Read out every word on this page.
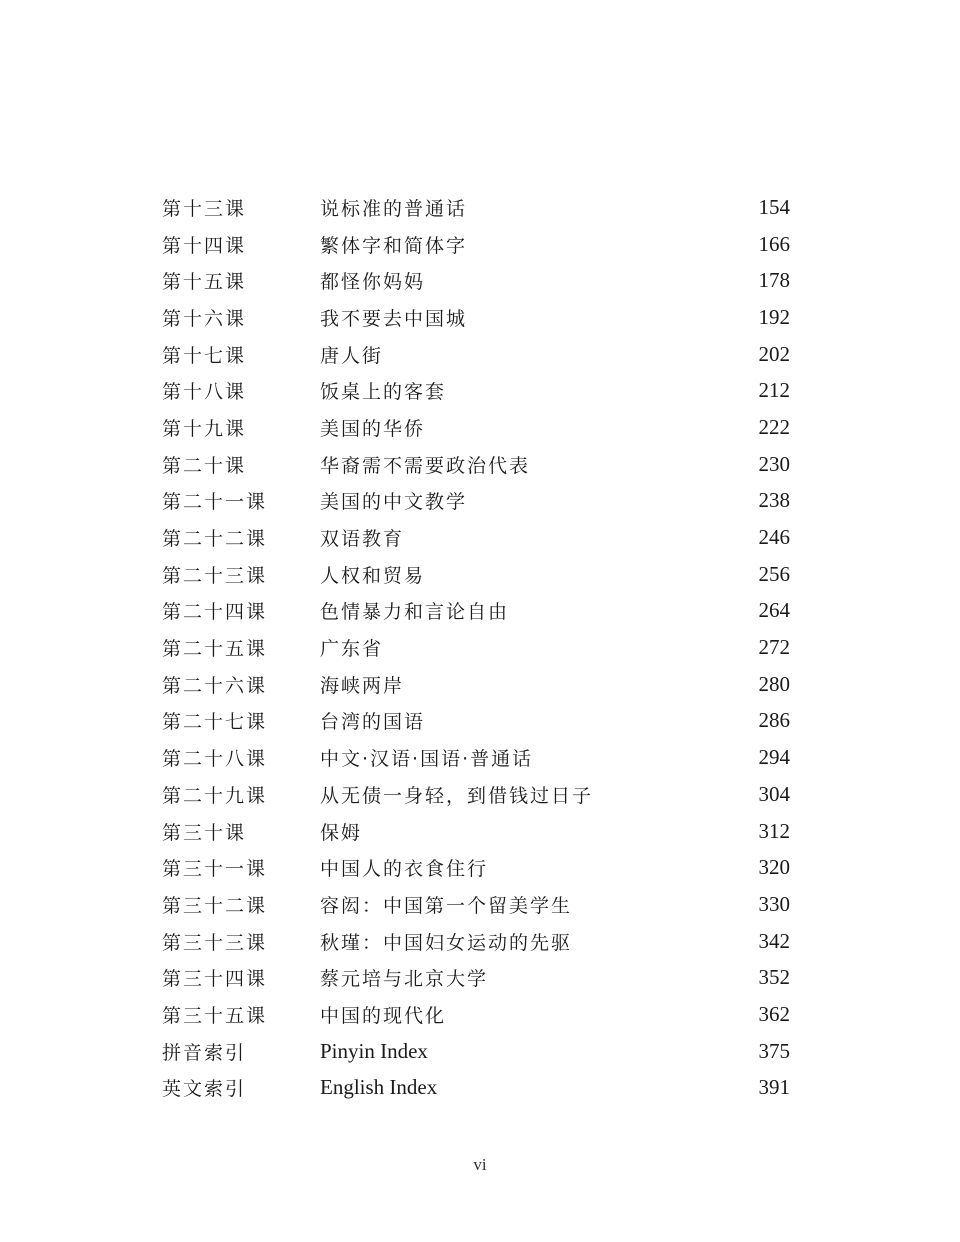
第十三课	说标准的普通话	154
第十四课	繁体字和简体字	166
第十五课	都怪你妈妈	178
第十六课	我不要去中国城	192
第十七课	唐人街	202
第十八课	饭桌上的客套	212
第十九课	美国的华侨	222
第二十课	华裔需不需要政治代表	230
第二十一课	美国的中文教学	238
第二十二课	双语教育	246
第二十三课	人权和贸易	256
第二十四课	色情暴力和言论自由	264
第二十五课	广东省	272
第二十六课	海峡两岸	280
第二十七课	台湾的国语	286
第二十八课	中文·汉语·国语·普通话	294
第二十九课	从无债一身轻，到借钱过日子	304
第三十课	保姆	312
第三十一课	中国人的衣食住行	320
第三十二课	容闳：中国第一个留美学生	330
第三十三课	秋瑾：中国妇女运动的先驱	342
第三十四课	蔡元培与北京大学	352
第三十五课	中国的现代化	362
拼音索引	Pinyin Index	375
英文索引	English Index	391
vi
